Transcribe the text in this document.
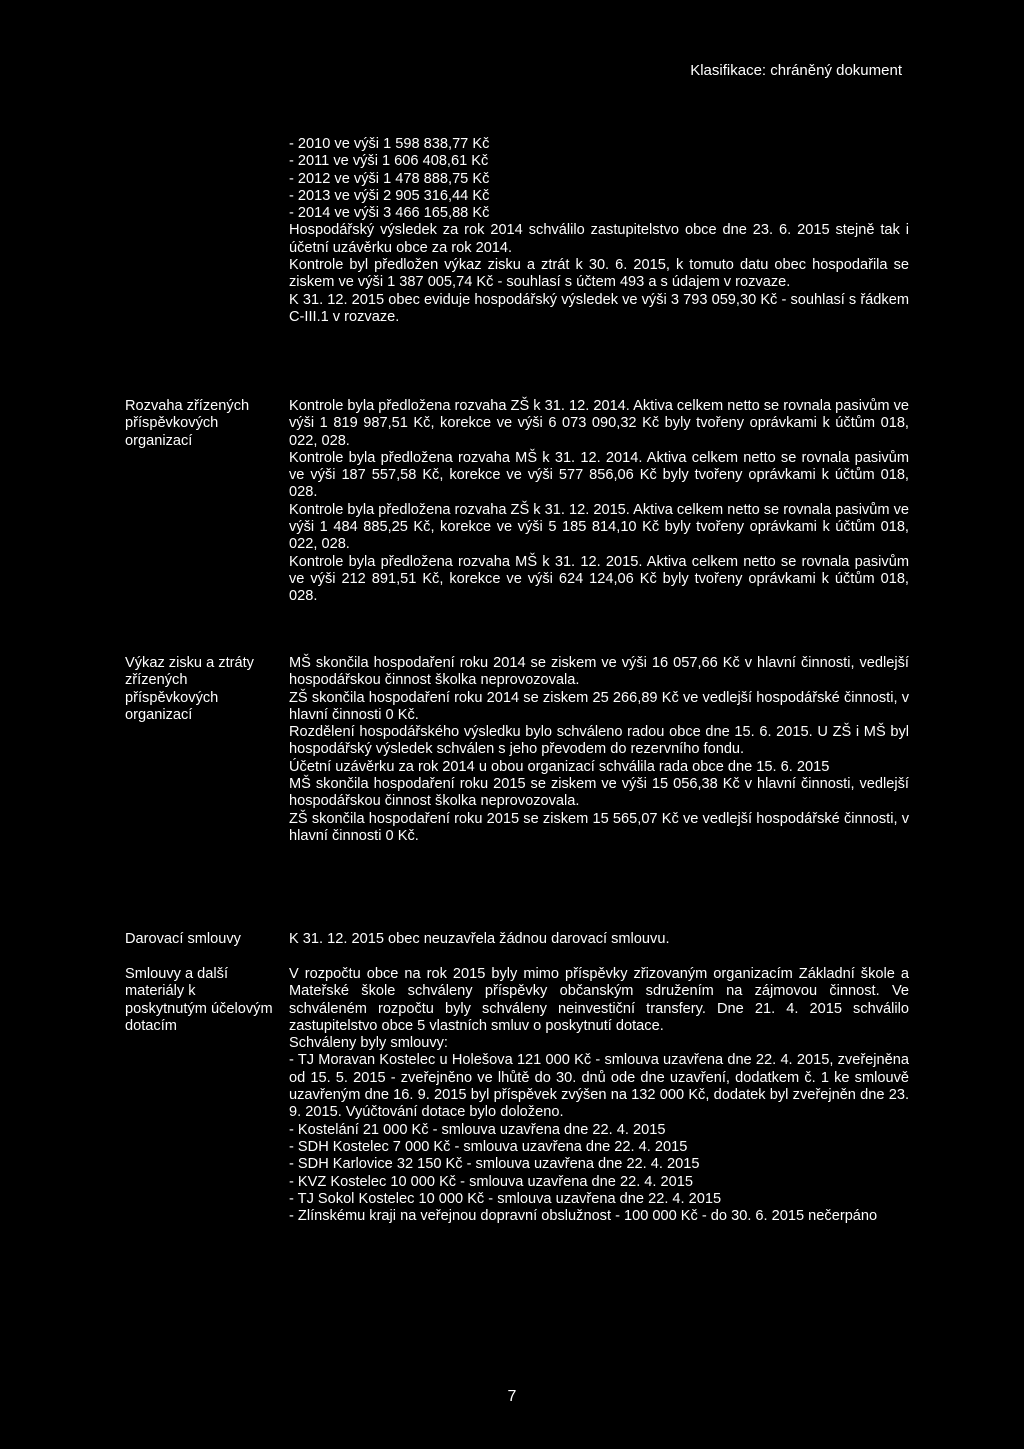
Klasifikace: chráněný dokument

- 2010 ve výši 1 598 838,77 Kč

- 2011 ve výši 1 606 408,61 Kč

- 2012 ve výši 1 478 888,75 Kč

- 2013 ve výši 2 905 316,44 Kč

- 2014 ve výši 3 466 165,88 Kč

Hospodářský výsledek za rok 2014 schválilo zastupitelstvo obce dne 23. 6. 2015 stejně tak i účetní uzávěrku obce za rok 2014.

Kontrole byl předložen výkaz zisku a ztrát k 30. 6. 2015, k tomuto datu obec hospodařila se ziskem ve výši 1 387 005,74 Kč - souhlasí s účtem 493 a s údajem v rozvaze.

K 31. 12. 2015 obec eviduje hospodářský výsledek ve výši 3 793 059,30 Kč - souhlasí s řádkem C-III.1 v rozvaze.

Rozvaha zřízených příspěvkových organizací

Kontrole byla předložena rozvaha ZŠ k 31. 12. 2014. Aktiva celkem netto se rovnala pasivům ve výši 1 819 987,51 Kč, korekce ve výši 6 073 090,32 Kč byly tvořeny oprávkami k účtům 018, 022, 028.

Kontrole byla předložena rozvaha MŠ k 31. 12. 2014. Aktiva celkem netto se rovnala pasivům ve výši 187 557,58 Kč, korekce ve výši 577 856,06 Kč byly tvořeny oprávkami k účtům 018, 028.

Kontrole byla předložena rozvaha ZŠ k 31. 12. 2015. Aktiva celkem netto se rovnala pasivům ve výši 1 484 885,25 Kč, korekce ve výši 5 185 814,10 Kč byly tvořeny oprávkami k účtům 018, 022, 028.

Kontrole byla předložena rozvaha MŠ k 31. 12. 2015. Aktiva celkem netto se rovnala pasivům ve výši 212 891,51 Kč, korekce ve výši 624 124,06 Kč byly tvořeny oprávkami k účtům 018, 028.

Výkaz zisku a ztráty zřízených příspěvkových organizací

MŠ skončila hospodaření roku 2014 se ziskem ve výši 16 057,66 Kč v hlavní činnosti, vedlejší hospodářskou činnost školka neprovozovala.

ZŠ skončila hospodaření roku 2014 se ziskem 25 266,89 Kč ve vedlejší hospodářské činnosti, v hlavní činnosti 0 Kč.

Rozdělení hospodářského výsledku bylo schváleno radou obce dne 15. 6. 2015. U ZŠ i MŠ byl hospodářský výsledek schválen s jeho převodem do rezervního fondu.

Účetní uzávěrku za rok 2014 u obou organizací schválila rada obce dne 15. 6. 2015

MŠ skončila hospodaření roku 2015 se ziskem ve výši 15 056,38 Kč v hlavní činnosti, vedlejší hospodářskou činnost školka neprovozovala.

ZŠ skončila hospodaření roku 2015 se ziskem 15 565,07 Kč ve vedlejší hospodářské činnosti, v hlavní činnosti 0 Kč.

Darovací smlouvy	K 31. 12. 2015 obec neuzavřela žádnou darovací smlouvu.

Smlouvy a další materiály k poskytnutým účelovým dotacím

V rozpočtu obce na rok 2015 byly mimo příspěvky zřizovaným organizacím Základní škole a Mateřské škole schváleny příspěvky občanským sdružením na zájmovou činnost. Ve schváleném rozpočtu byly schváleny neinvestiční transfery. Dne 21. 4. 2015 schválilo zastupitelstvo obce 5 vlastních smluv o poskytnutí dotace.

Schváleny byly smlouvy:

- TJ Moravan Kostelec u Holešova 121 000 Kč - smlouva uzavřena dne 22. 4. 2015, zveřejněna od 15. 5. 2015 - zveřejněno ve lhůtě do 30. dnů ode dne uzavření, dodatkem č. 1 ke smlouvě uzavřeným dne 16. 9. 2015 byl příspěvek zvýšen na 132 000 Kč, dodatek byl zveřejněn dne 23. 9. 2015. Vyúčtování dotace bylo doloženo.

- Kostelání 21 000 Kč - smlouva uzavřena dne 22. 4. 2015

- SDH Kostelec 7 000 Kč - smlouva uzavřena dne 22. 4. 2015

- SDH Karlovice 32 150 Kč - smlouva uzavřena dne 22. 4. 2015

- KVZ Kostelec 10 000 Kč - smlouva uzavřena dne 22. 4. 2015

- TJ Sokol Kostelec 10 000 Kč - smlouva uzavřena dne 22. 4. 2015

- Zlínskému kraji na veřejnou dopravní obslužnost - 100 000 Kč - do 30. 6. 2015 nečerpáno

7
